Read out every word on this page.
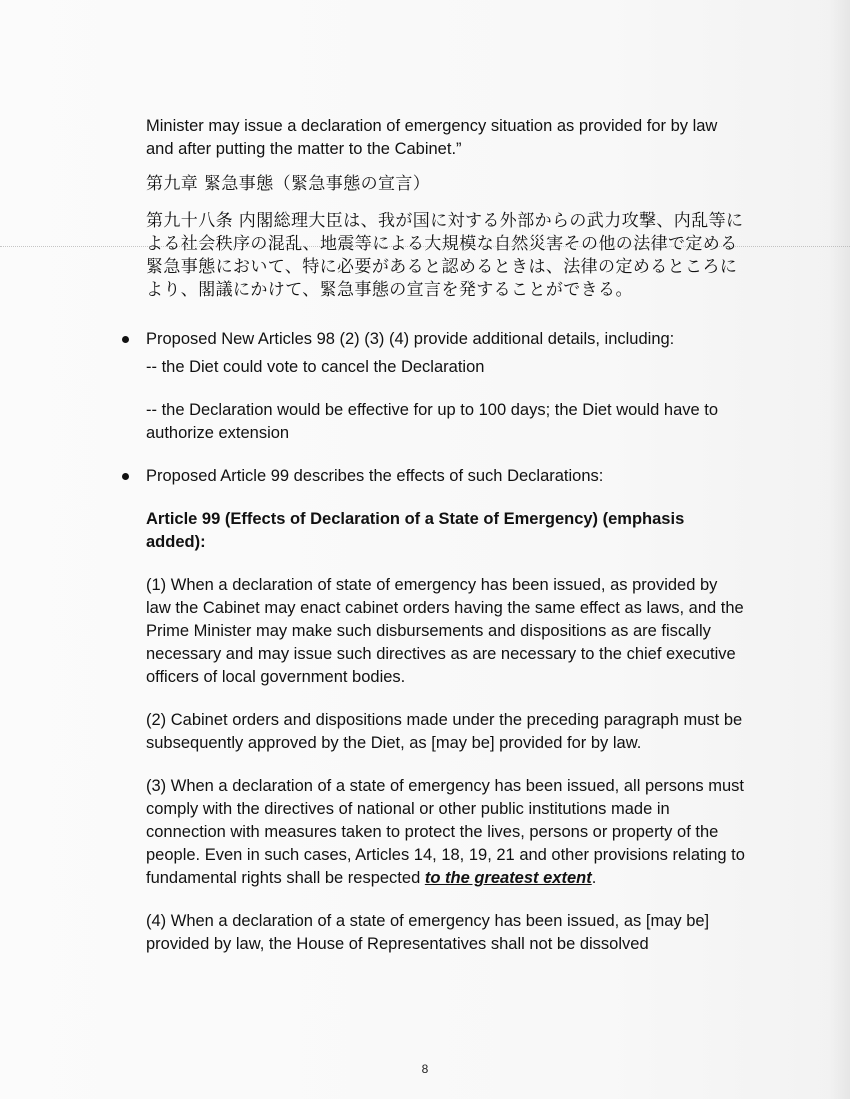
Minister may issue a declaration of emergency situation as provided for by law and after putting the matter to the Cabinet.”

第九章 緊急事態（緊急事態の宣言）

第九十八条 内閣総理大臣は、我が国に対する外部からの武力攻撃、内乱等による社会秩序の混乱、地震等による大規模な自然災害その他の法律で定める緊急事態において、特に必要があると認めるときは、法律の定めるところにより、閣議にかけて、緊急事態の宣言を発することができる。

Proposed New Articles 98 (2) (3) (4) provide additional details, including:

-- the Diet could vote to cancel the Declaration

-- the Declaration would be effective for up to 100 days; the Diet would have to authorize extension

Proposed Article 99 describes the effects of such Declarations:

Article 99 (Effects of Declaration of a State of Emergency) (emphasis added):

(1) When a declaration of state of emergency has been issued, as provided by law the Cabinet may enact cabinet orders having the same effect as laws, and the Prime Minister may make such disbursements and dispositions as are fiscally necessary and may issue such directives as are necessary to the chief executive officers of local government bodies.

(2) Cabinet orders and dispositions made under the preceding paragraph must be subsequently approved by the Diet, as [may be] provided for by law.

(3) When a declaration of a state of emergency has been issued, all persons must comply with the directives of national or other public institutions made in connection with measures taken to protect the lives, persons or property of the people. Even in such cases, Articles 14, 18, 19, 21 and other provisions relating to fundamental rights shall be respected to the greatest extent.

(4) When a declaration of a state of emergency has been issued, as [may be] provided by law, the House of Representatives shall not be dissolved

8
